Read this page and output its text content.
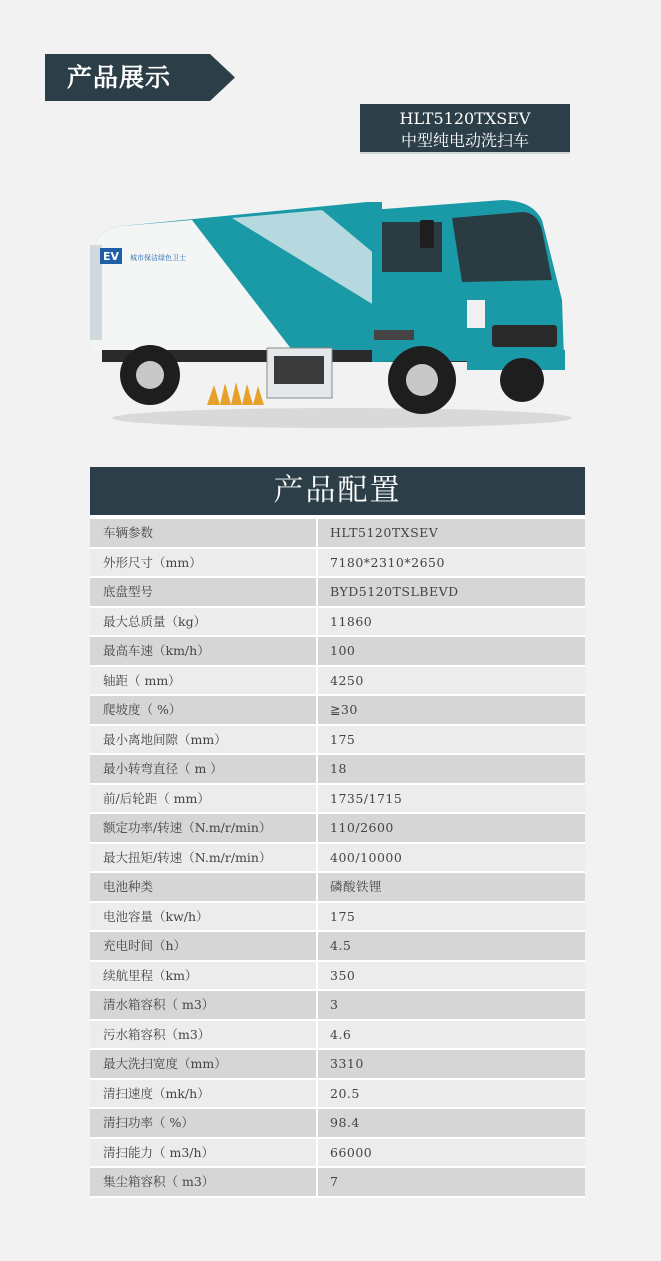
产品展示
HLT5120TXSEV
中型纯电动洗扫车
EV 城市保洁绿色卫士
产品配置
车辆参数	HLT5120TXSEV
外形尺寸（mm）	7180*2310*2650
底盘型号	BYD5120TSLBEVD
最大总质量（kg）	11860
最高车速（km/h）	100
轴距（ mm）	4250
爬坡度（ %）	≧30
最小离地间隙（mm）	175
最小转弯直径（ m ）	18
前/后轮距（ mm）	1735/1715
额定功率/转速（N.m/r/min）	110/2600
最大扭矩/转速（N.m/r/min）	400/10000
电池种类	磷酸铁锂
电池容量（kw/h）	175
充电时间（h）	4.5
续航里程（km）	350
清水箱容积（ m3）	3
污水箱容积（m3）	4.6
最大洗扫宽度（mm）	3310
清扫速度（mk/h）	20.5
清扫功率（ %）	98.4
清扫能力（ m3/h）	66000
集尘箱容积（ m3）	7
